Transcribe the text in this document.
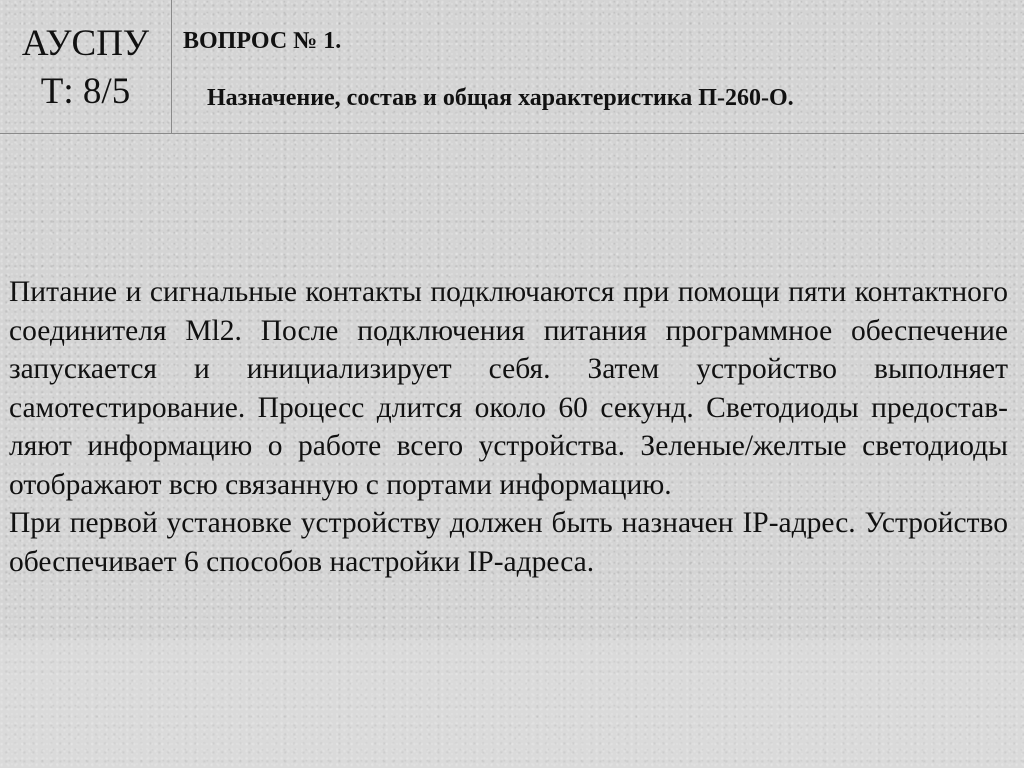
АУСПУ
Т: 8/5
ВОПРОС № 1.
Назначение, состав и общая характеристика П-260-О.

Питание и сигнальные контакты подключаются при помощи пяти контактного соединителя Ml2. После подключения питания программное обеспечение запускается и инициализирует себя. Затем устройство выполняет самотестирование. Процесс длится около 60 секунд. Светодиоды предостав- ляют информацию о работе всего устройства. Зеленые/желтые светодиоды отображают всю связанную с портами информацию.

При первой установке устройству должен быть назначен IP-адрес. Устройство обеспечивает 6 способов настройки IP-адреса.
